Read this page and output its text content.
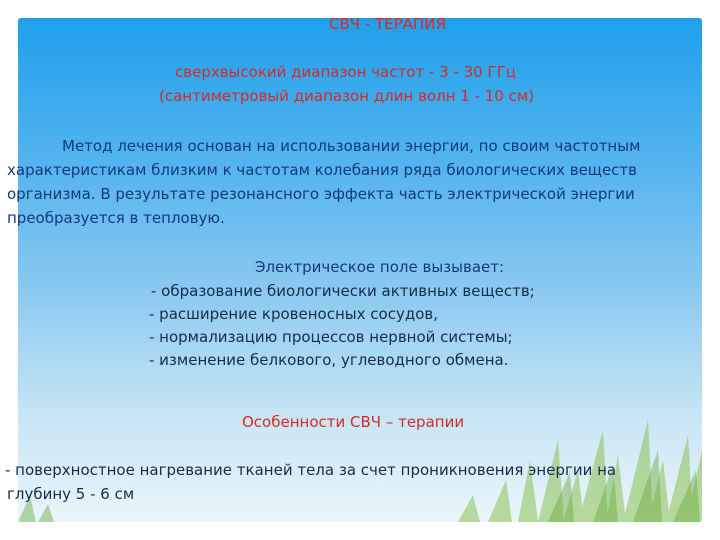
СВЧ - ТЕРАПИЯ

сверхвысокий диапазон частот - 3 - 30 ГГц

(сантиметровый диапазон длин волн 1 - 10 см)

Метод лечения основан на использовании энергии, по своим частотным

характеристикам близким к частотам колебания ряда биологических веществ

организма. В результате резонансного эффекта часть электрической энергии

преобразуется в тепловую.

Электрическое поле вызывает:

- образование биологически активных веществ;

- расширение кровеносных сосудов,

- нормализацию процессов нервной системы;

- изменение белкового, углеводного обмена.

Особенности СВЧ – терапии

- поверхностное нагревание тканей тела за счет проникновения энергии на

глубину 5 - 6 см
